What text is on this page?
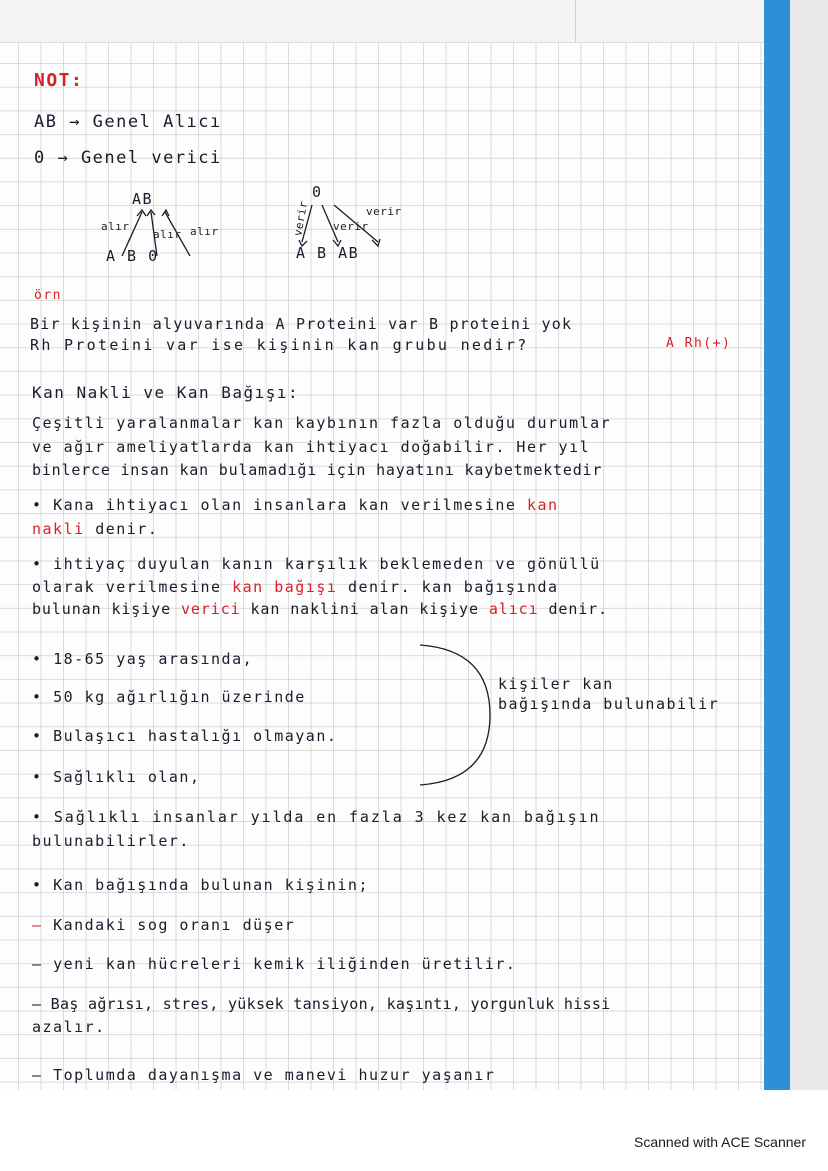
NOT:
AB → Genel Alıcı
0 → Genel verici
AB
alır
alır alır
A B 0
0
verir verir
verir
A B AB
örn
Bir kişinin alyuvarında A Proteini var B proteini yok
Rh Proteini var ise kişinin kan grubu nedir?	A Rh(+)
Kan Nakli ve Kan Bağışı:
Çeşitli yaralanmalar kan kaybının fazla olduğu durumlar
ve ağır ameliyatlarda kan ihtiyacı doğabilir. Her yıl
binlerce insan kan bulamadığı için hayatını kaybetmektedir
• Kana ihtiyacı olan insanlara kan verilmesine kan
nakli denir.
• ihtiyaç duyulan kanın karşılık beklemeden ve gönüllü
olarak verilmesine kan bağışı denir. kan bağışında
bulunan kişiye verici kan naklini alan kişiye alıcı denir.
• 18-65 yaş arasında,
• 50 kg ağırlığın üzerinde
• Bulaşıcı hastalığı olmayan.
• Sağlıklı olan,
kişiler kan
bağışında bulunabilir
• Sağlıklı insanlar yılda en fazla 3 kez kan bağışın
bulunabilirler.
• Kan bağışında bulunan kişinin;
– Kandaki sog oranı düşer
– yeni kan hücreleri kemik iliğinden üretilir.
– Baş ağrısı, stres, yüksek tansiyon, kaşıntı, yorgunluk hissi
azalır.
– Toplumda dayanışma ve manevi huzur yaşanır
Scanned with ACE Scanner
